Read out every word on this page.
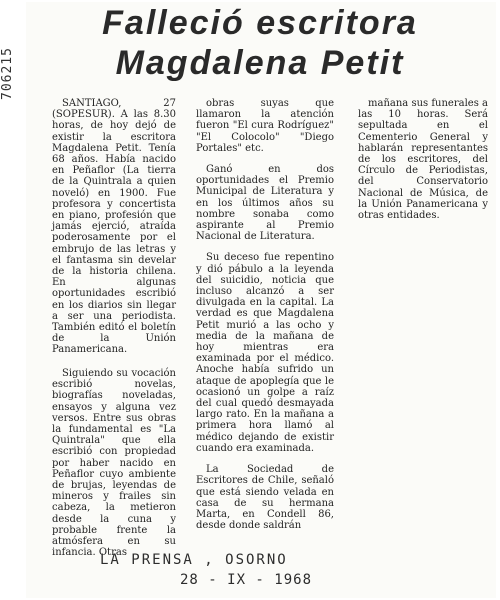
706215
Falleció escritora
Magdalena Petit

SANTIAGO, 27 (SOPESUR). A las 8.30 horas, de hoy dejó de existir la escritora Magdalena Petit. Tenía 68 años. Había nacido en Peñaflor (La tierra de la Quintrala a quien noveló) en 1900. Fue profesora y concertista en piano, profesión que jamás ejerció, atraída poderosamente por el embrujo de las letras y el fantasma sin develar de la historia chilena. En algunas oportunidades escribió en los diarios sin llegar a ser una periodista. También editó el boletín de la Unión Panamericana.

Siguiendo su vocación escribió novelas, biografías noveladas, ensayos y alguna vez versos. Entre sus obras la fundamental es "La Quintrala" que ella escribió con propiedad por haber nacido en Peñaflor cuyo ambiente de brujas, leyendas de mineros y frailes sin cabeza, la metieron desde la cuna y probable frente la atmósfera en su infancia. Otras

obras suyas que llamaron la atención fueron "El cura Rodríguez" "El Colocolo" "Diego Portales" etc.

Ganó en dos oportunidades el Premio Municipal de Literatura y en los últimos años su nombre sonaba como aspirante al Premio Nacional de Literatura.

Su deceso fue repentino y dió pábulo a la leyenda del suicidio, noticia que incluso alcanzó a ser divulgada en la capital. La verdad es que Magdalena Petit murió a las ocho y media de la mañana de hoy mientras era examinada por el médico. Anoche había sufrido un ataque de apoplegía que le ocasionó un golpe a raíz del cual quedó desmayada largo rato. En la mañana a primera hora llamó al médico dejando de existir cuando era examinada.

La Sociedad de Escritores de Chile, señaló que está siendo velada en casa de su hermana Marta, en Condell 86, desde donde saldrán

mañana sus funerales a las 10 horas. Será sepultada en el Cementerio General y hablarán representantes de los escritores, del Círculo de Periodistas, del Conservatorio Nacional de Música, de la Unión Panamericana y otras entidades.

LA PRENSA , OSORNO
28 - IX - 1968
